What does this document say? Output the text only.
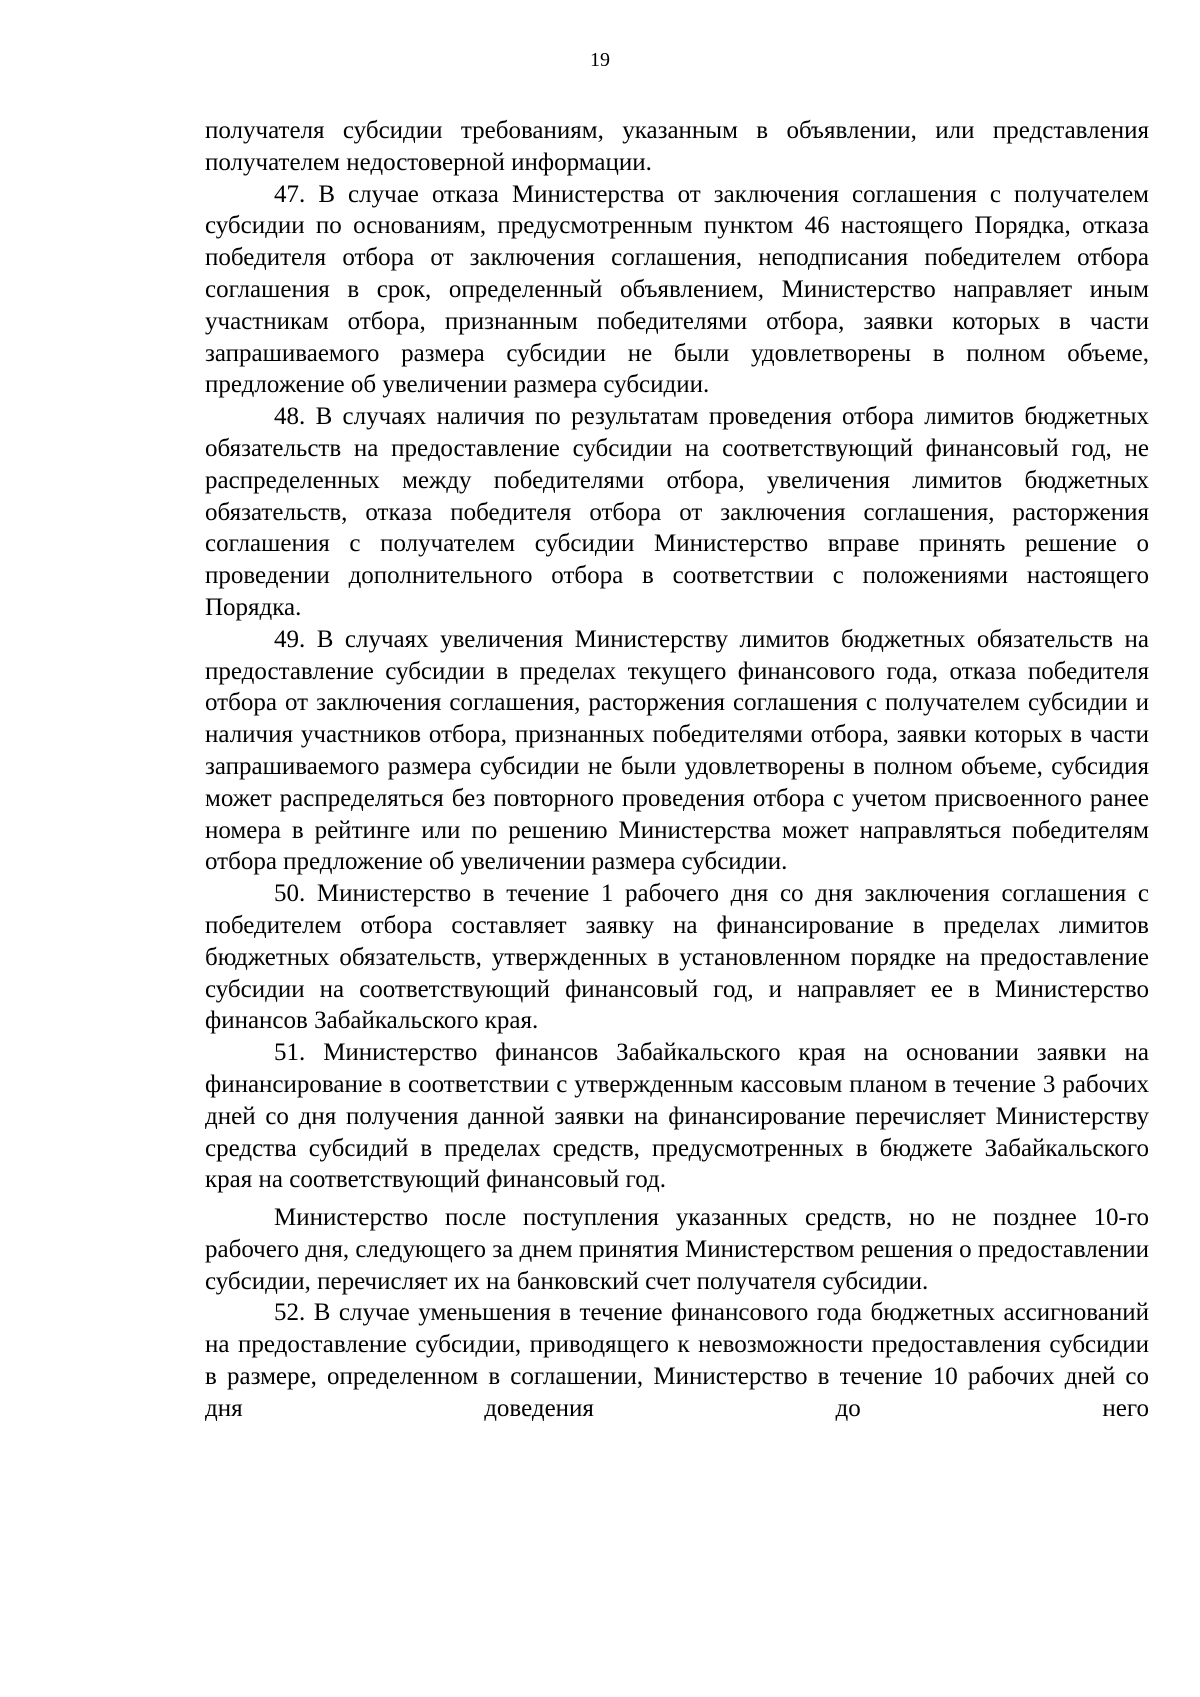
19

получателя субсидии требованиям, указанным в объявлении, или представления получателем недостоверной информации.

47. В случае отказа Министерства от заключения соглашения с получателем субсидии по основаниям, предусмотренным пунктом 46 настоящего Порядка, отказа победителя отбора от заключения соглашения, неподписания победителем отбора соглашения в срок, определенный объявлением, Министерство направляет иным участникам отбора, признанным победителями отбора, заявки которых в части запрашиваемого размера субсидии не были удовлетворены в полном объеме, предложение об увеличении размера субсидии.

48. В случаях наличия по результатам проведения отбора лимитов бюджетных обязательств на предоставление субсидии на соответствующий финансовый год, не распределенных между победителями отбора, увеличения лимитов бюджетных обязательств, отказа победителя отбора от заключения соглашения, расторжения соглашения с получателем субсидии Министерство вправе принять решение о проведении дополнительного отбора в соответствии с положениями настоящего Порядка.

49. В случаях увеличения Министерству лимитов бюджетных обязательств на предоставление субсидии в пределах текущего финансового года, отказа победителя отбора от заключения соглашения, расторжения соглашения с получателем субсидии и наличия участников отбора, признанных победителями отбора, заявки которых в части запрашиваемого размера субсидии не были удовлетворены в полном объеме, субсидия может распределяться без повторного проведения отбора с учетом присвоенного ранее номера в рейтинге или по решению Министерства может направляться победителям отбора предложение об увеличении размера субсидии.

50. Министерство в течение 1 рабочего дня со дня заключения соглашения с победителем отбора составляет заявку на финансирование в пределах лимитов бюджетных обязательств, утвержденных в установленном порядке на предоставление субсидии на соответствующий финансовый год, и направляет ее в Министерство финансов Забайкальского края.

51. Министерство финансов Забайкальского края на основании заявки на финансирование в соответствии с утвержденным кассовым планом в течение 3 рабочих дней со дня получения данной заявки на финансирование перечисляет Министерству средства субсидий в пределах средств, предусмотренных в бюджете Забайкальского края на соответствующий финансовый год.

Министерство после поступления указанных средств, но не позднее 10-го рабочего дня, следующего за днем принятия Министерством решения о предоставлении субсидии, перечисляет их на банковский счет получателя субсидии.

52. В случае уменьшения в течение финансового года бюджетных ассигнований на предоставление субсидии, приводящего к невозможности предоставления субсидии в размере, определенном в соглашении, Министерство в течение 10 рабочих дней со дня доведения до него
